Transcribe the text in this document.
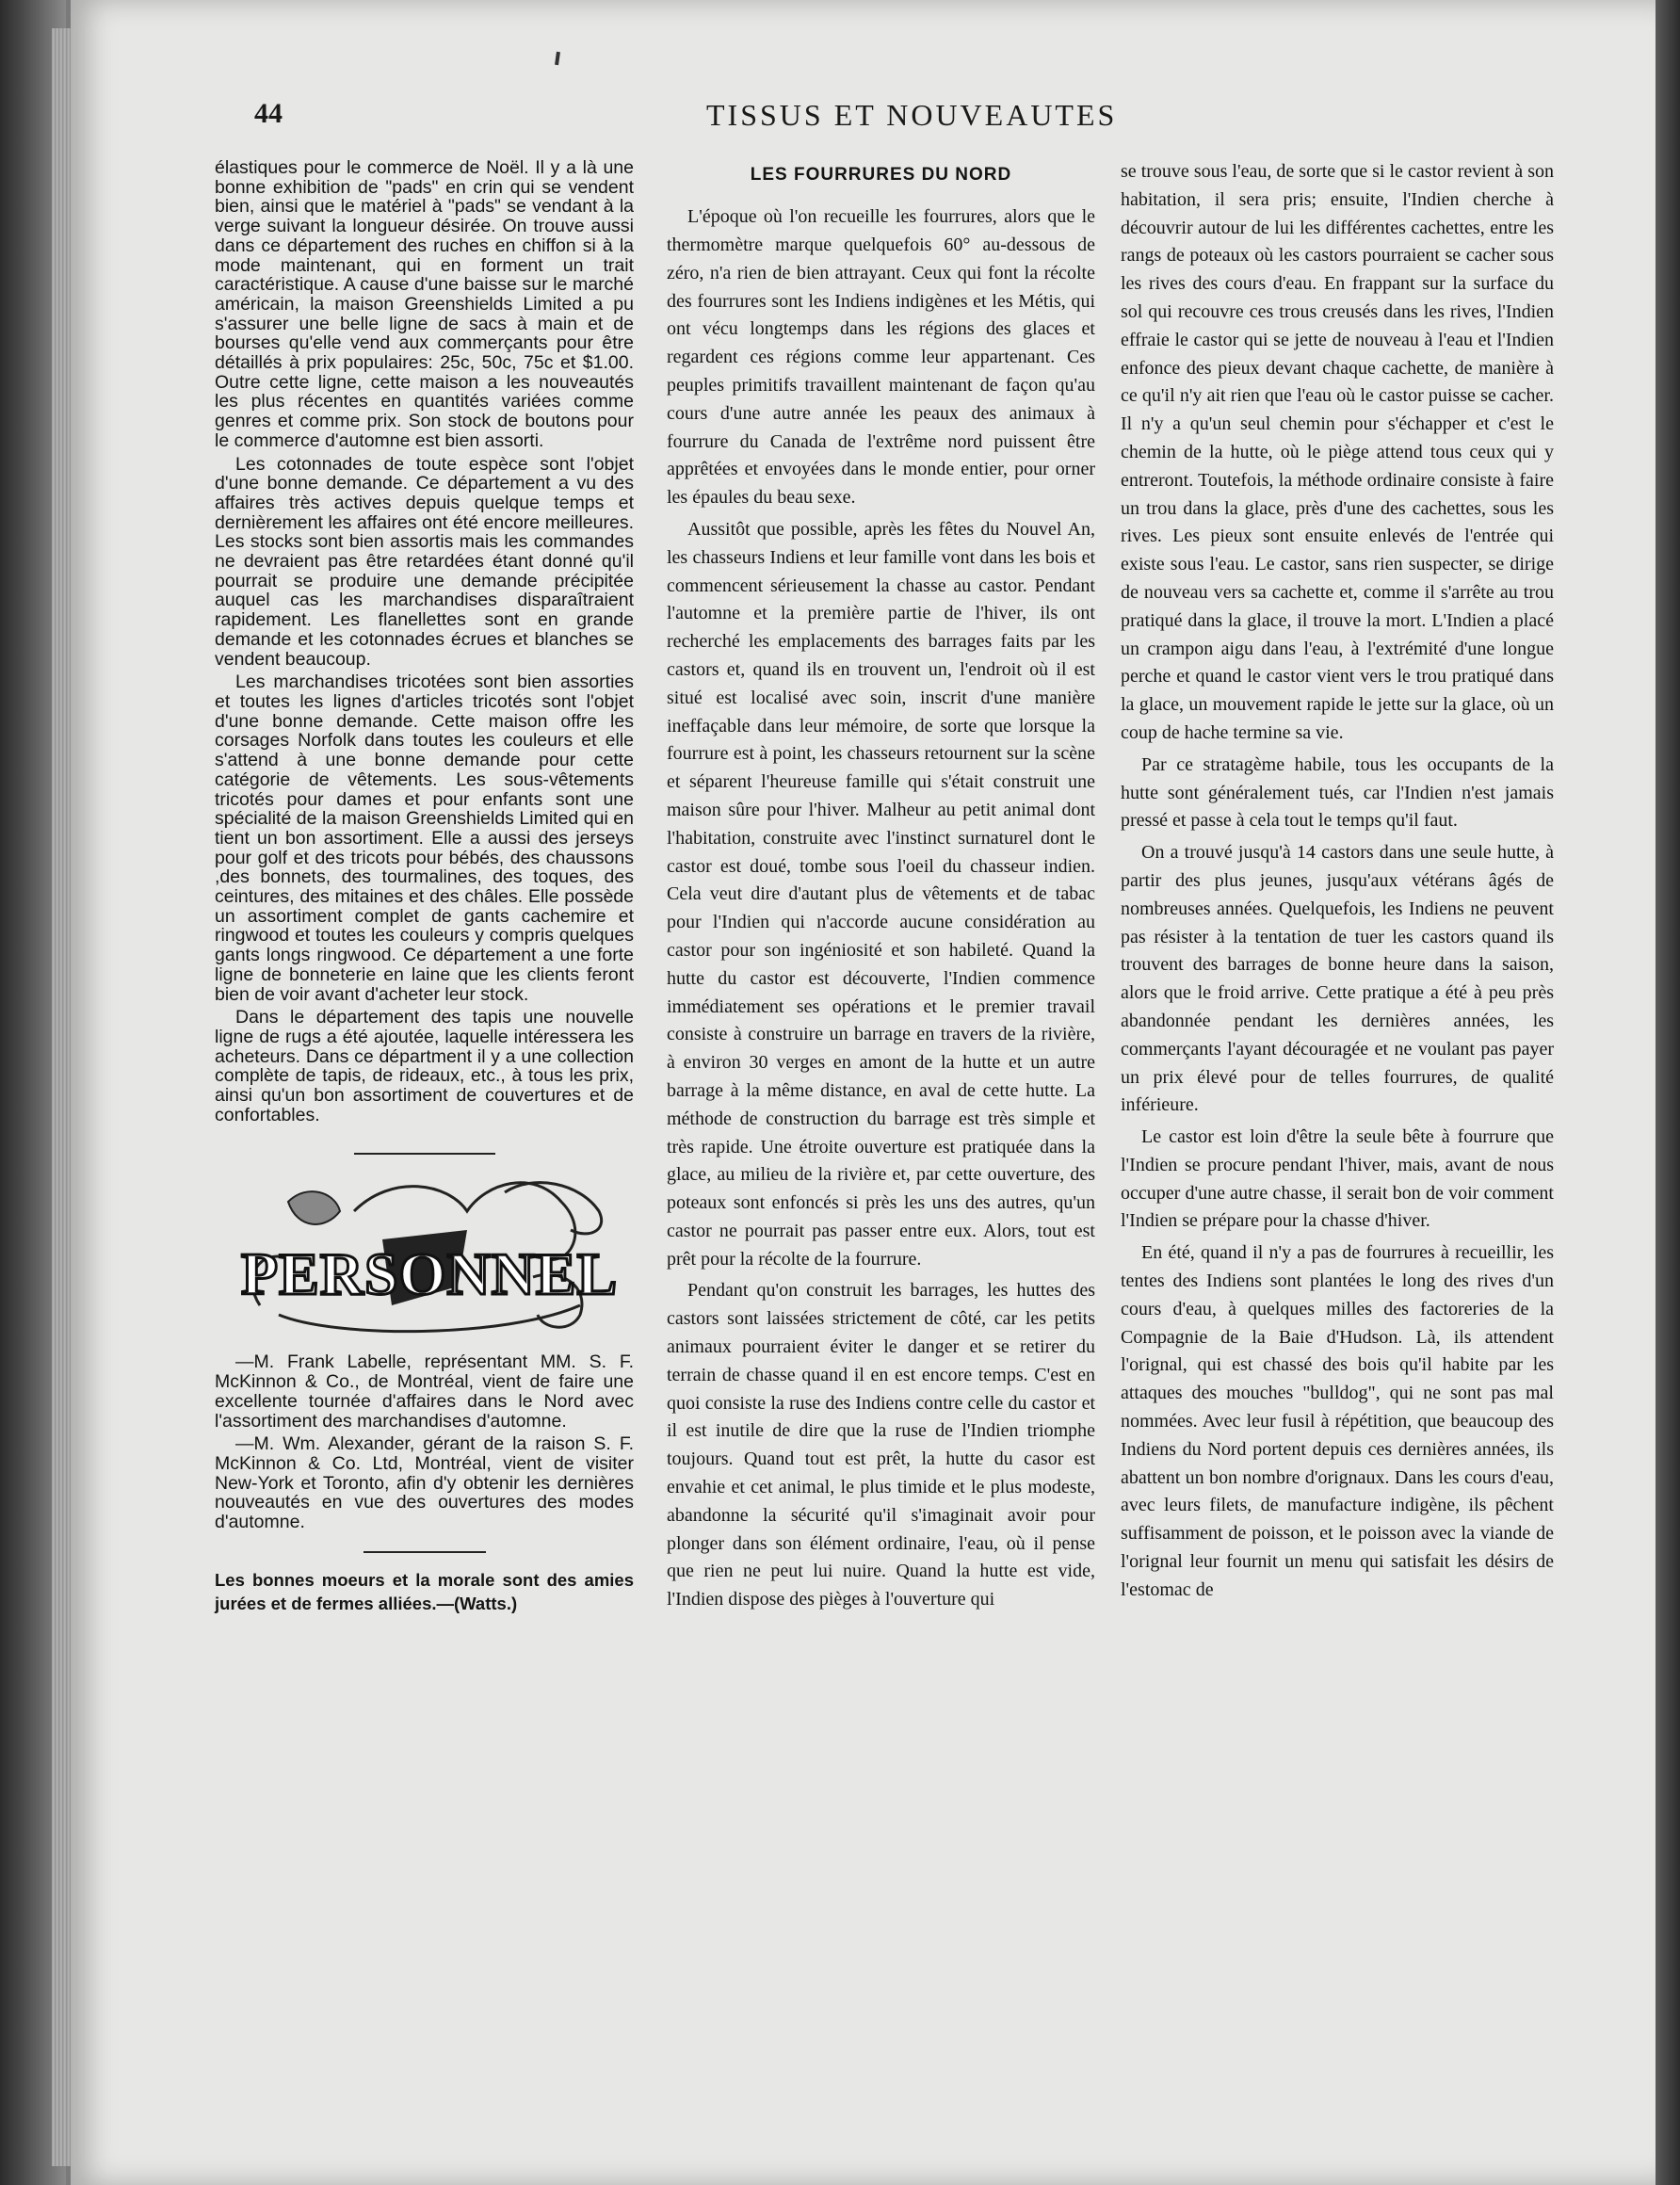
44	TISSUS ET NOUVEAUTES

élastiques pour le commerce de Noël. Il y a là une bonne exhibition de "pads" en crin qui se vendent bien, ainsi que le matériel à "pads" se vendant à la verge suivant la longueur désirée. On trouve aussi dans ce département des ruches en chiffon si à la mode maintenant, qui en forment un trait caractéristique. A cause d'une baisse sur le marché américain, la maison Greenshields Limited a pu s'assurer une belle ligne de sacs à main et de bourses qu'elle vend aux commerçants pour être détaillés à prix populaires: 25c, 50c, 75c et $1.00. Outre cette ligne, cette maison a les nouveautés les plus récentes en quantités variées comme genres et comme prix. Son stock de boutons pour le commerce d'automne est bien assorti.

Les cotonnades de toute espèce sont l'objet d'une bonne demande. Ce département a vu des affaires très actives depuis quelque temps et dernièrement les affaires ont été encore meilleures. Les stocks sont bien assortis mais les commandes ne devraient pas être retardées étant donné qu'il pourrait se produire une demande précipitée auquel cas les marchandises disparaîtraient rapidement. Les flanellettes sont en grande demande et les cotonnades écrues et blanches se vendent beaucoup.

Les marchandises tricotées sont bien assorties et toutes les lignes d'articles tricotés sont l'objet d'une bonne demande. Cette maison offre les corsages Norfolk dans toutes les couleurs et elle s'attend à une bonne demande pour cette catégorie de vêtements. Les sous-vêtements tricotés pour dames et pour enfants sont une spécialité de la maison Greenshields Limited qui en tient un bon assortiment. Elle a aussi des jerseys pour golf et des tricots pour bébés, des chaussons ,des bonnets, des tourmalines, des toques, des ceintures, des mitaines et des châles. Elle possède un assortiment complet de gants cachemire et ringwood et toutes les couleurs y compris quelques gants longs ringwood. Ce département a une forte ligne de bonneterie en laine que les clients feront bien de voir avant d'acheter leur stock.

Dans le département des tapis une nouvelle ligne de rugs a été ajoutée, laquelle intéressera les acheteurs. Dans ce départment il y a une collection complète de tapis, de rideaux, etc., à tous les prix, ainsi qu'un bon assortiment de couvertures et de confortables.

PERSONNEL

—M. Frank Labelle, représentant MM. S. F. McKinnon & Co., de Montréal, vient de faire une excellente tournée d'affaires dans le Nord avec l'assortiment des marchandises d'automne.

—M. Wm. Alexander, gérant de la raison S. F. McKinnon & Co. Ltd, Montréal, vient de visiter New-York et Toronto, afin d'y obtenir les dernières nouveautés en vue des ouvertures des modes d'automne.

Les bonnes moeurs et la morale sont des amies jurées et de fermes alliées.—(Watts.)

LES FOURRURES DU NORD

L'époque où l'on recueille les fourrures, alors que le thermomètre marque quelquefois 60° au-dessous de zéro, n'a rien de bien attrayant. Ceux qui font la récolte des fourrures sont les Indiens indigènes et les Métis, qui ont vécu longtemps dans les régions des glaces et regardent ces régions comme leur appartenant. Ces peuples primitifs travaillent maintenant de façon qu'au cours d'une autre année les peaux des animaux à fourrure du Canada de l'extrême nord puissent être apprêtées et envoyées dans le monde entier, pour orner les épaules du beau sexe.

Aussitôt que possible, après les fêtes du Nouvel An, les chasseurs Indiens et leur famille vont dans les bois et commencent sérieusement la chasse au castor. Pendant l'automne et la première partie de l'hiver, ils ont recherché les emplacements des barrages faits par les castors et, quand ils en trouvent un, l'endroit où il est situé est localisé avec soin, inscrit d'une manière ineffaçable dans leur mémoire, de sorte que lorsque la fourrure est à point, les chasseurs retournent sur la scène et séparent l'heureuse famille qui s'était construit une maison sûre pour l'hiver. Malheur au petit animal dont l'habitation, construite avec l'instinct surnaturel dont le castor est doué, tombe sous l'oeil du chasseur indien. Cela veut dire d'autant plus de vêtements et de tabac pour l'Indien qui n'accorde aucune considération au castor pour son ingéniosité et son habileté. Quand la hutte du castor est découverte, l'Indien commence immédiatement ses opérations et le premier travail consiste à construire un barrage en travers de la rivière, à environ 30 verges en amont de la hutte et un autre barrage à la même distance, en aval de cette hutte. La méthode de construction du barrage est très simple et très rapide. Une étroite ouverture est pratiquée dans la glace, au milieu de la rivière et, par cette ouverture, des poteaux sont enfoncés si près les uns des autres, qu'un castor ne pourrait pas passer entre eux. Alors, tout est prêt pour la récolte de la fourrure.

Pendant qu'on construit les barrages, les huttes des castors sont laissées strictement de côté, car les petits animaux pourraient éviter le danger et se retirer du terrain de chasse quand il en est encore temps. C'est en quoi consiste la ruse des Indiens contre celle du castor et il est inutile de dire que la ruse de l'Indien triomphe toujours. Quand tout est prêt, la hutte du casor est envahie et cet animal, le plus timide et le plus modeste, abandonne la sécurité qu'il s'imaginait avoir pour plonger dans son élément ordinaire, l'eau, où il pense que rien ne peut lui nuire. Quand la hutte est vide, l'Indien dispose des pièges à l'ouverture qui

se trouve sous l'eau, de sorte que si le castor revient à son habitation, il sera pris; ensuite, l'Indien cherche à découvrir autour de lui les différentes cachettes, entre les rangs de poteaux où les castors pourraient se cacher sous les rives des cours d'eau. En frappant sur la surface du sol qui recouvre ces trous creusés dans les rives, l'Indien effraie le castor qui se jette de nouveau à l'eau et l'Indien enfonce des pieux devant chaque cachette, de manière à ce qu'il n'y ait rien que l'eau où le castor puisse se cacher. Il n'y a qu'un seul chemin pour s'échapper et c'est le chemin de la hutte, où le piège attend tous ceux qui y entreront. Toutefois, la méthode ordinaire consiste à faire un trou dans la glace, près d'une des cachettes, sous les rives. Les pieux sont ensuite enlevés de l'entrée qui existe sous l'eau. Le castor, sans rien suspecter, se dirige de nouveau vers sa cachette et, comme il s'arrête au trou pratiqué dans la glace, il trouve la mort. L'Indien a placé un crampon aigu dans l'eau, à l'extrémité d'une longue perche et quand le castor vient vers le trou pratiqué dans la glace, un mouvement rapide le jette sur la glace, où un coup de hache termine sa vie.

Par ce stratagème habile, tous les occupants de la hutte sont généralement tués, car l'Indien n'est jamais pressé et passe à cela tout le temps qu'il faut.

On a trouvé jusqu'à 14 castors dans une seule hutte, à partir des plus jeunes, jusqu'aux vétérans âgés de nombreuses années. Quelquefois, les Indiens ne peuvent pas résister à la tentation de tuer les castors quand ils trouvent des barrages de bonne heure dans la saison, alors que le froid arrive. Cette pratique a été à peu près abandonnée pendant les dernières années, les commerçants l'ayant découragée et ne voulant pas payer un prix élevé pour de telles fourrures, de qualité inférieure.

Le castor est loin d'être la seule bête à fourrure que l'Indien se procure pendant l'hiver, mais, avant de nous occuper d'une autre chasse, il serait bon de voir comment l'Indien se prépare pour la chasse d'hiver.

En été, quand il n'y a pas de fourrures à recueillir, les tentes des Indiens sont plantées le long des rives d'un cours d'eau, à quelques milles des factoreries de la Compagnie de la Baie d'Hudson. Là, ils attendent l'orignal, qui est chassé des bois qu'il habite par les attaques des mouches "bulldog", qui ne sont pas mal nommées. Avec leur fusil à répétition, que beaucoup des Indiens du Nord portent depuis ces dernières années, ils abattent un bon nombre d'orignaux. Dans les cours d'eau, avec leurs filets, de manufacture indigène, ils pêchent suffisamment de poisson, et le poisson avec la viande de l'orignal leur fournit un menu qui satisfait les désirs de l'estomac de
